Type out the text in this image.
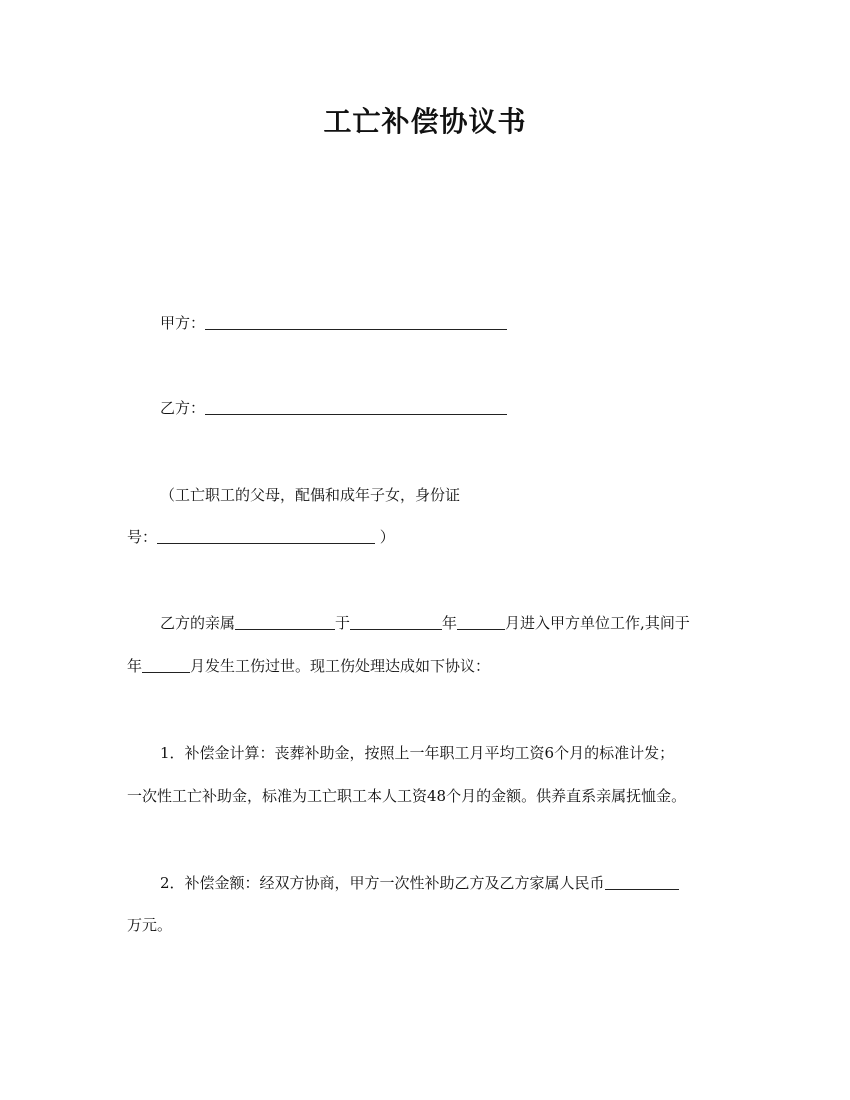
工亡补偿协议书
甲方：
乙方：
（工亡职工的父母，配偶和成年子女，身份证
号：	）
乙方的亲属	于	年	月进入甲方单位工作,其间于
年	月发生工伤过世。现工伤处理达成如下协议：
1．补偿金计算：丧葬补助金，按照上一年职工月平均工资6个月的标准计发；
一次性工亡补助金，标准为工亡职工本人工资48个月的金额。供养直系亲属抚恤金。
2．补偿金额：经双方协商，甲方一次性补助乙方及乙方家属人民币
万元。
